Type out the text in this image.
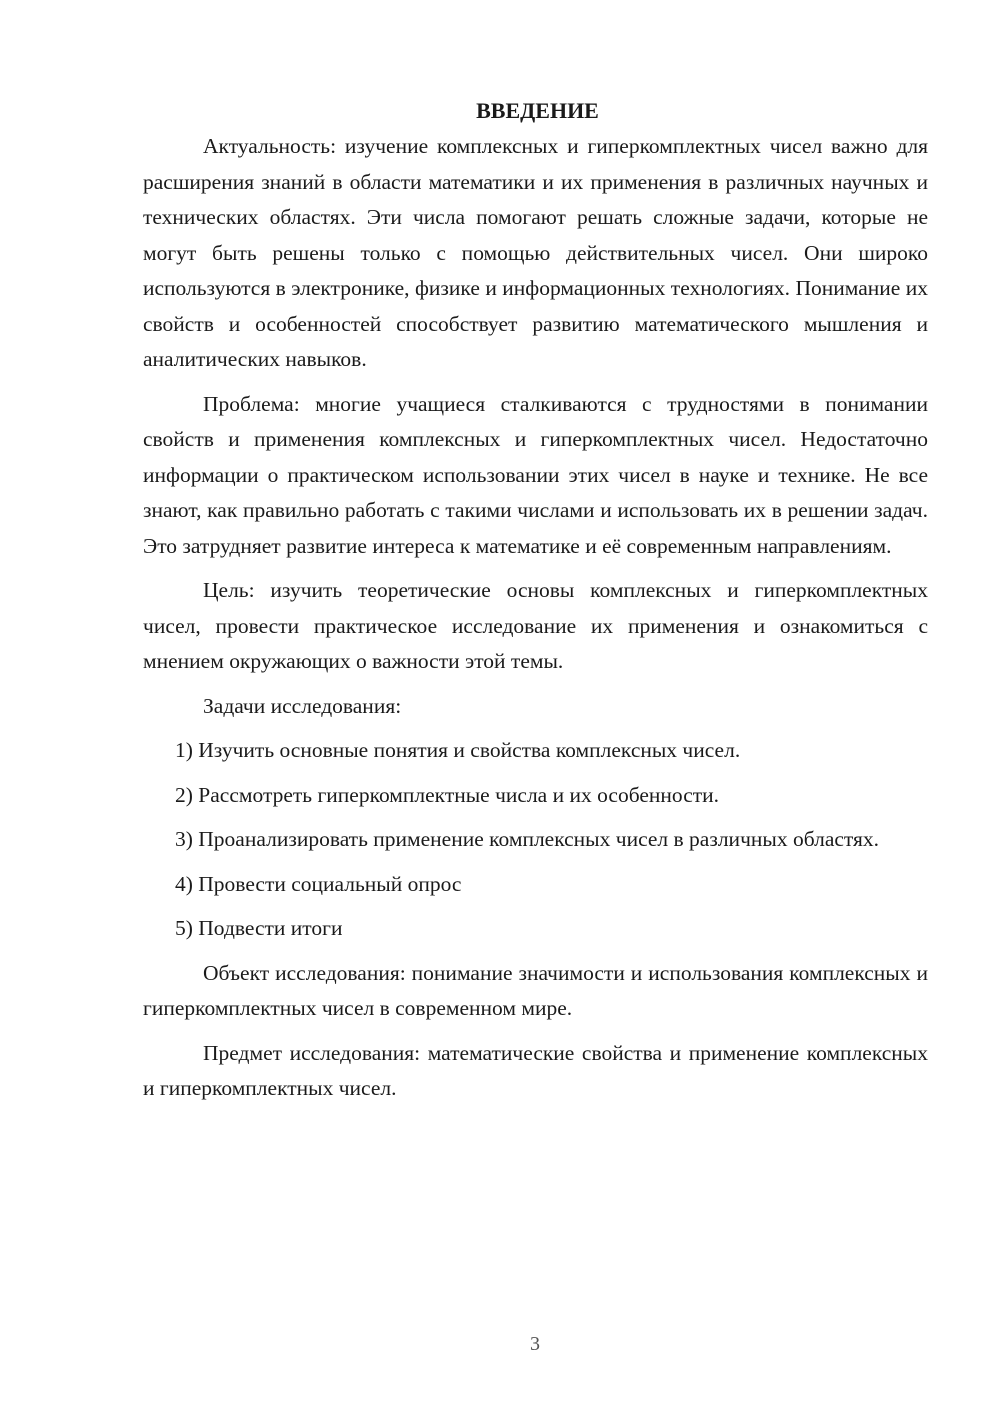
ВВЕДЕНИЕ

Актуальность: изучение комплексных и гиперкомплектных чисел важно для расширения знаний в области математики и их применения в различных научных и технических областях. Эти числа помогают решать сложные задачи, которые не могут быть решены только с помощью действительных чисел. Они широко используются в электронике, физике и информационных технологиях. Понимание их свойств и особенностей способствует развитию математического мышления и аналитических навыков.

Проблема: многие учащиеся сталкиваются с трудностями в понимании свойств и применения комплексных и гиперкомплектных чисел. Недостаточно информации о практическом использовании этих чисел в науке и технике. Не все знают, как правильно работать с такими числами и использовать их в решении задач. Это затрудняет развитие интереса к математике и её современным направлениям.

Цель: изучить теоретические основы комплексных и гиперкомплектных чисел, провести практическое исследование их применения и ознакомиться с мнением окружающих о важности этой темы.

Задачи исследования:

1) Изучить основные понятия и свойства комплексных чисел.

2) Рассмотреть гиперкомплектные числа и их особенности.

3) Проанализировать применение комплексных чисел в различных областях.

4) Провести социальный опрос

5) Подвести итоги

Объект исследования: понимание значимости и использования комплексных и гиперкомплектных чисел в современном мире.

Предмет исследования: математические свойства и применение комплексных и гиперкомплектных чисел.

3
